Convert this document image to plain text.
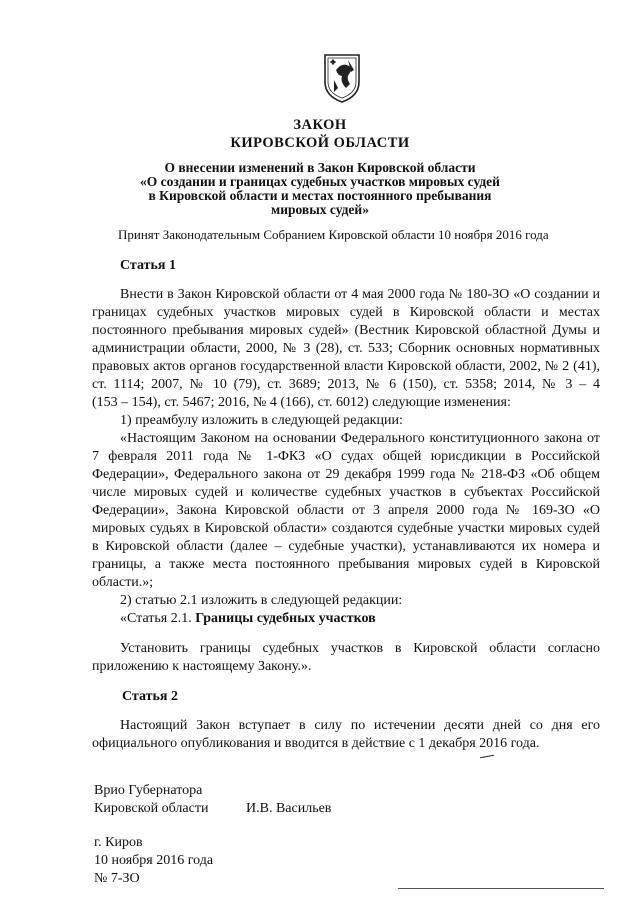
ЗАКОН
КИРОВСКОЙ ОБЛАСТИ
О внесении изменений в Закон Кировской области
«О создании и границах судебных участков мировых судей
в Кировской области и местах постоянного пребывания
мировых судей»
Принят Законодательным Собранием Кировской области 10 ноября 2016 года
Статья 1
Внести в Закон Кировской области от 4 мая 2000 года № 180-ЗО «О создании и
границах судебных участков мировых судей в Кировской области и местах
постоянного пребывания мировых судей» (Вестник Кировской областной Думы и
администрации области, 2000, № 3 (28), ст. 533; Сборник основных нормативных
правовых актов органов государственной власти Кировской области, 2002, № 2 (41),
ст. 1114; 2007, № 10 (79), ст. 3689; 2013, № 6 (150), ст. 5358; 2014, № 3 – 4
(153 – 154), ст. 5467; 2016, № 4 (166), ст. 6012) следующие изменения:
1) преамбулу изложить в следующей редакции:
«Настоящим Законом на основании Федерального конституционного закона от
7 февраля 2011 года № 1-ФКЗ «О судах общей юрисдикции в Российской
Федерации», Федерального закона от 29 декабря 1999 года № 218-ФЗ «Об общем
числе мировых судей и количестве судебных участков в субъектах Российской
Федерации», Закона Кировской области от 3 апреля 2000 года № 169-ЗО «О
мировых судьях в Кировской области» создаются судебные участки мировых судей
в Кировской области (далее – судебные участки), устанавливаются их номера и
границы, а также места постоянного пребывания мировых судей в Кировской
области.»;
2) статью 2.1 изложить в следующей редакции:
«Статья 2.1. Границы судебных участков
Установить границы судебных участков в Кировской области согласно
приложению к настоящему Закону.».
Статья 2
Настоящий Закон вступает в силу по истечении десяти дней со дня его
официального опубликования и вводится в действие с 1 декабря 2016 года.
Врио Губернатора
Кировской области	И.В. Васильев
г. Киров
10 ноября 2016 года
№ 7-ЗО
